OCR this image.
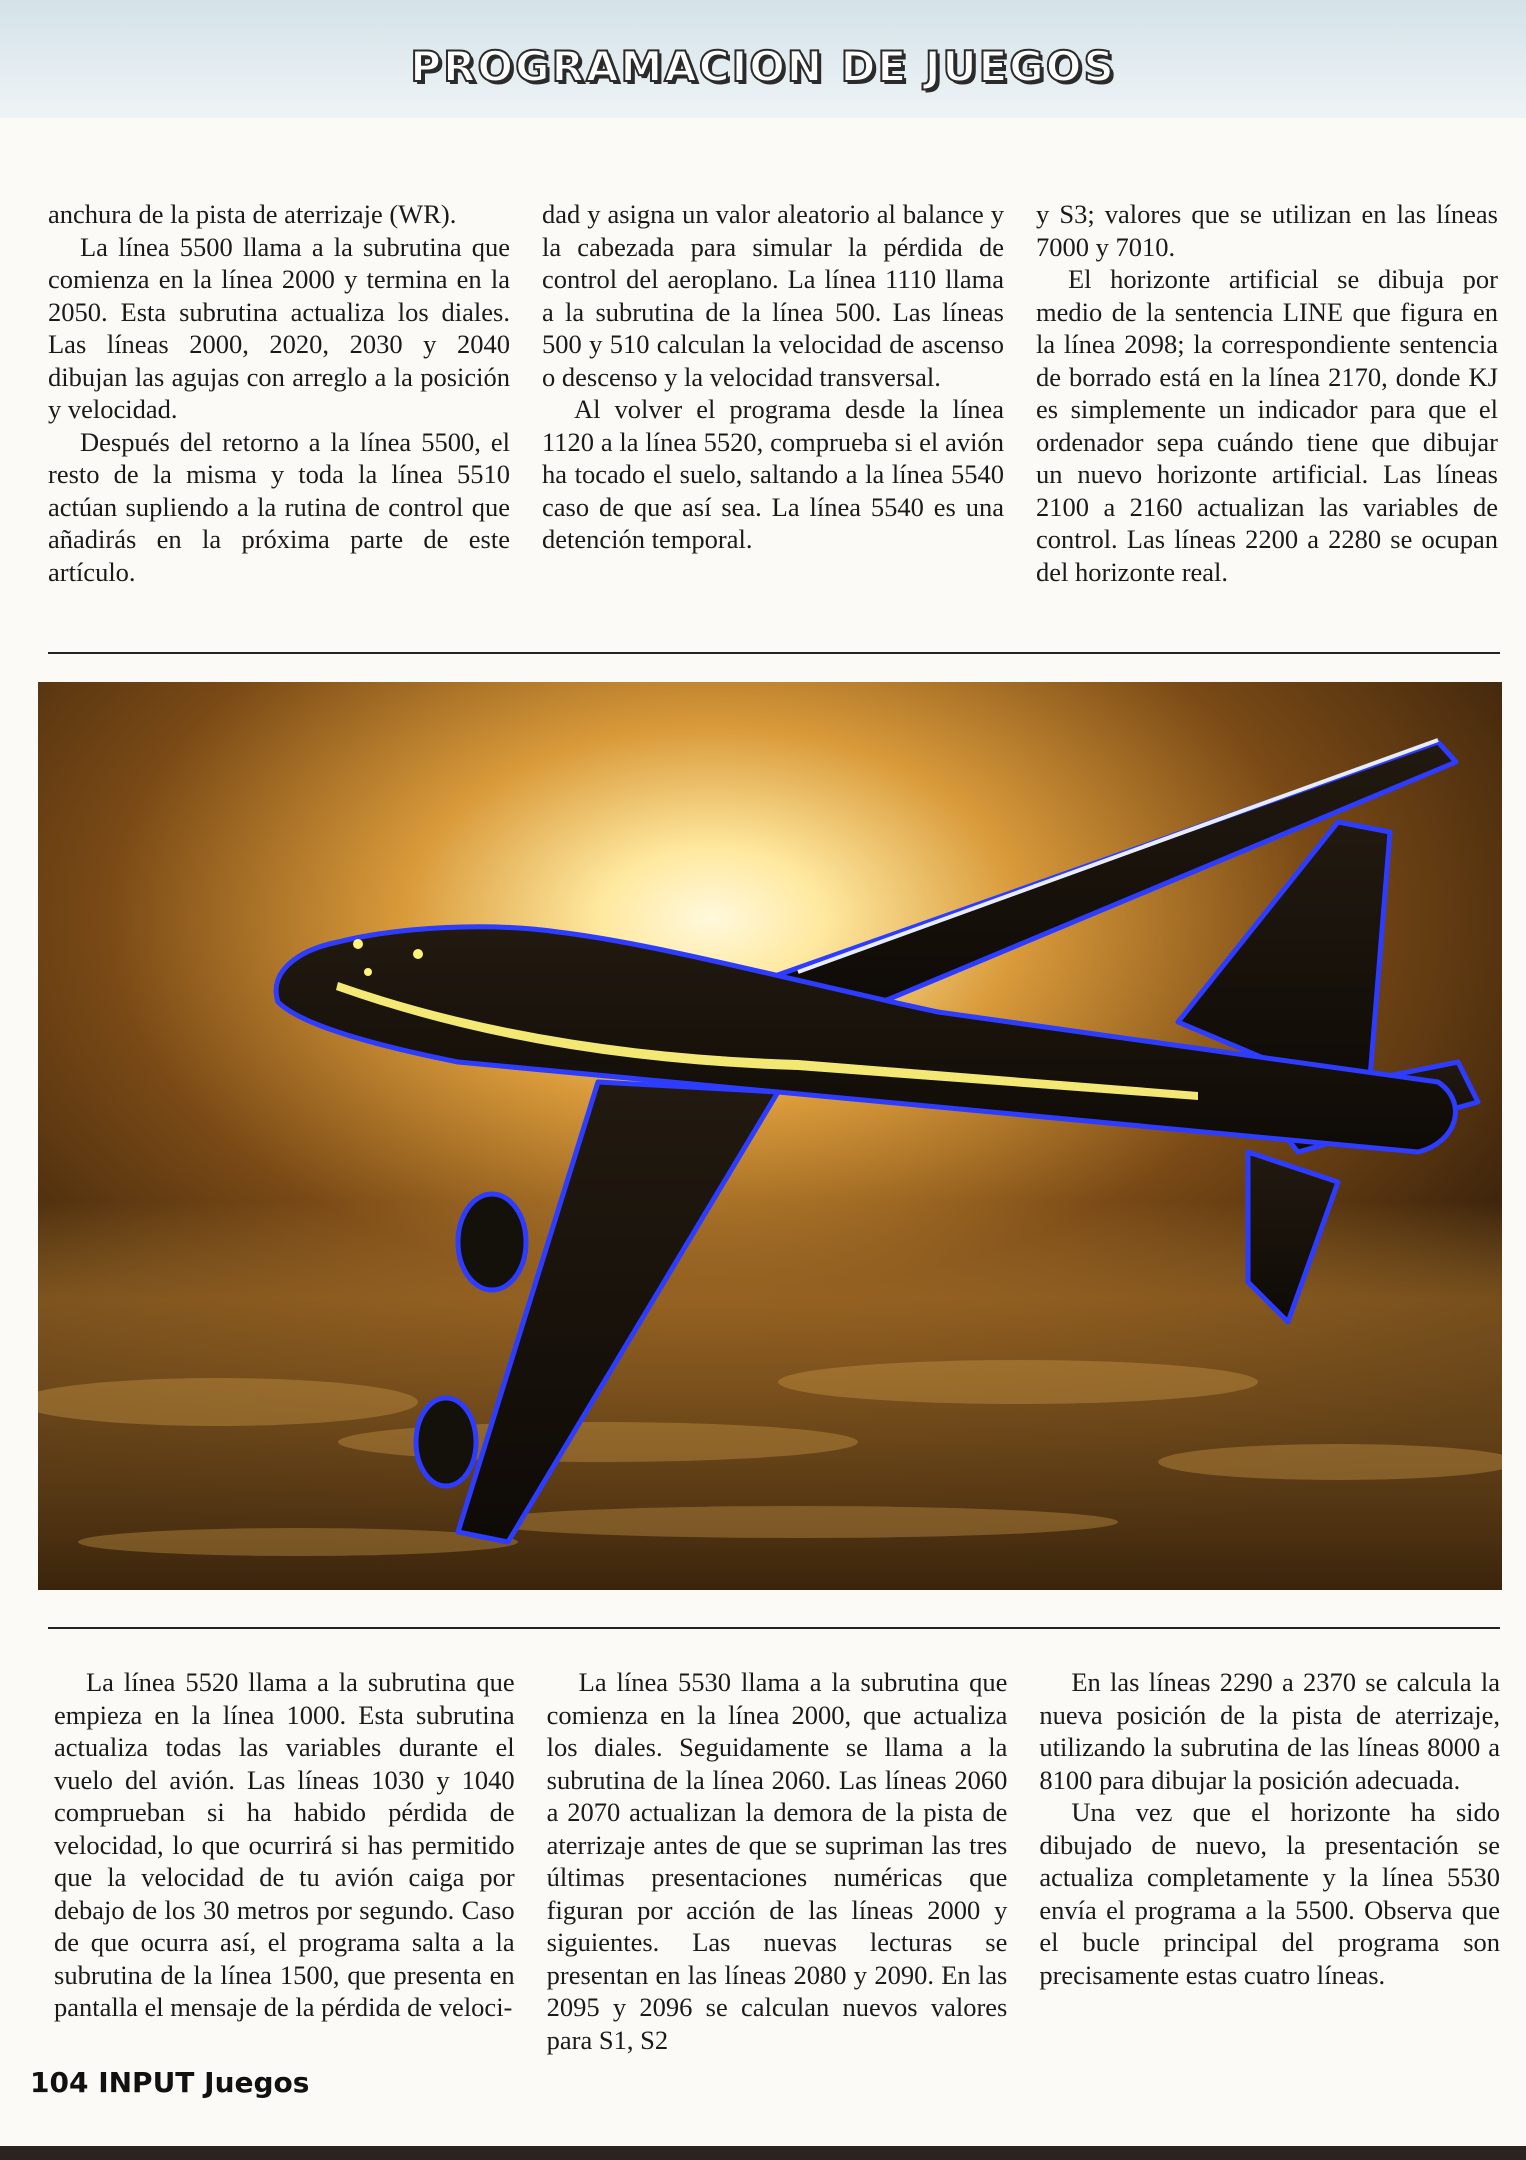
PROGRAMACION DE JUEGOS

anchura de la pista de aterrizaje (WR).

La línea 5500 llama a la subrutina que comienza en la línea 2000 y termina en la 2050. Esta subrutina actualiza los diales. Las líneas 2000, 2020, 2030 y 2040 dibujan las agujas con arreglo a la posición y velocidad.

Después del retorno a la línea 5500, el resto de la misma y toda la línea 5510 actúan supliendo a la rutina de control que añadirás en la próxima parte de este artículo.

dad y asigna un valor aleatorio al balance y la cabezada para simular la pérdida de control del aeroplano. La línea 1110 llama a la subrutina de la línea 500. Las líneas 500 y 510 calculan la velocidad de ascenso o descenso y la velocidad transversal.

Al volver el programa desde la línea 1120 a la línea 5520, comprueba si el avión ha tocado el suelo, saltando a la línea 5540 caso de que así sea. La línea 5540 es una detención temporal.

y S3; valores que se utilizan en las líneas 7000 y 7010.

El horizonte artificial se dibuja por medio de la sentencia LINE que figura en la línea 2098; la correspondiente sentencia de borrado está en la línea 2170, donde KJ es simplemente un indicador para que el ordenador sepa cuándo tiene que dibujar un nuevo horizonte artificial. Las líneas 2100 a 2160 actualizan las variables de control. Las líneas 2200 a 2280 se ocupan del horizonte real.

La línea 5520 llama a la subrutina que empieza en la línea 1000. Esta subrutina actualiza todas las variables durante el vuelo del avión. Las líneas 1030 y 1040 comprueban si ha habido pérdida de velocidad, lo que ocurrirá si has permitido que la velocidad de tu avión caiga por debajo de los 30 metros por segundo. Caso de que ocurra así, el programa salta a la subrutina de la línea 1500, que presenta en pantalla el mensaje de la pérdida de veloci-

La línea 5530 llama a la subrutina que comienza en la línea 2000, que actualiza los diales. Seguidamente se llama a la subrutina de la línea 2060. Las líneas 2060 a 2070 actualizan la demora de la pista de aterrizaje antes de que se supriman las tres últimas presentaciones numéricas que figuran por acción de las líneas 2000 y siguientes. Las nuevas lecturas se presentan en las líneas 2080 y 2090. En las 2095 y 2096 se calculan nuevos valores para S1, S2

En las líneas 2290 a 2370 se calcula la nueva posición de la pista de aterrizaje, utilizando la subrutina de las líneas 8000 a 8100 para dibujar la posición adecuada.

Una vez que el horizonte ha sido dibujado de nuevo, la presentación se actualiza completamente y la línea 5530 envía el programa a la 5500. Observa que el bucle principal del programa son precisamente estas cuatro líneas.

104 INPUT Juegos
